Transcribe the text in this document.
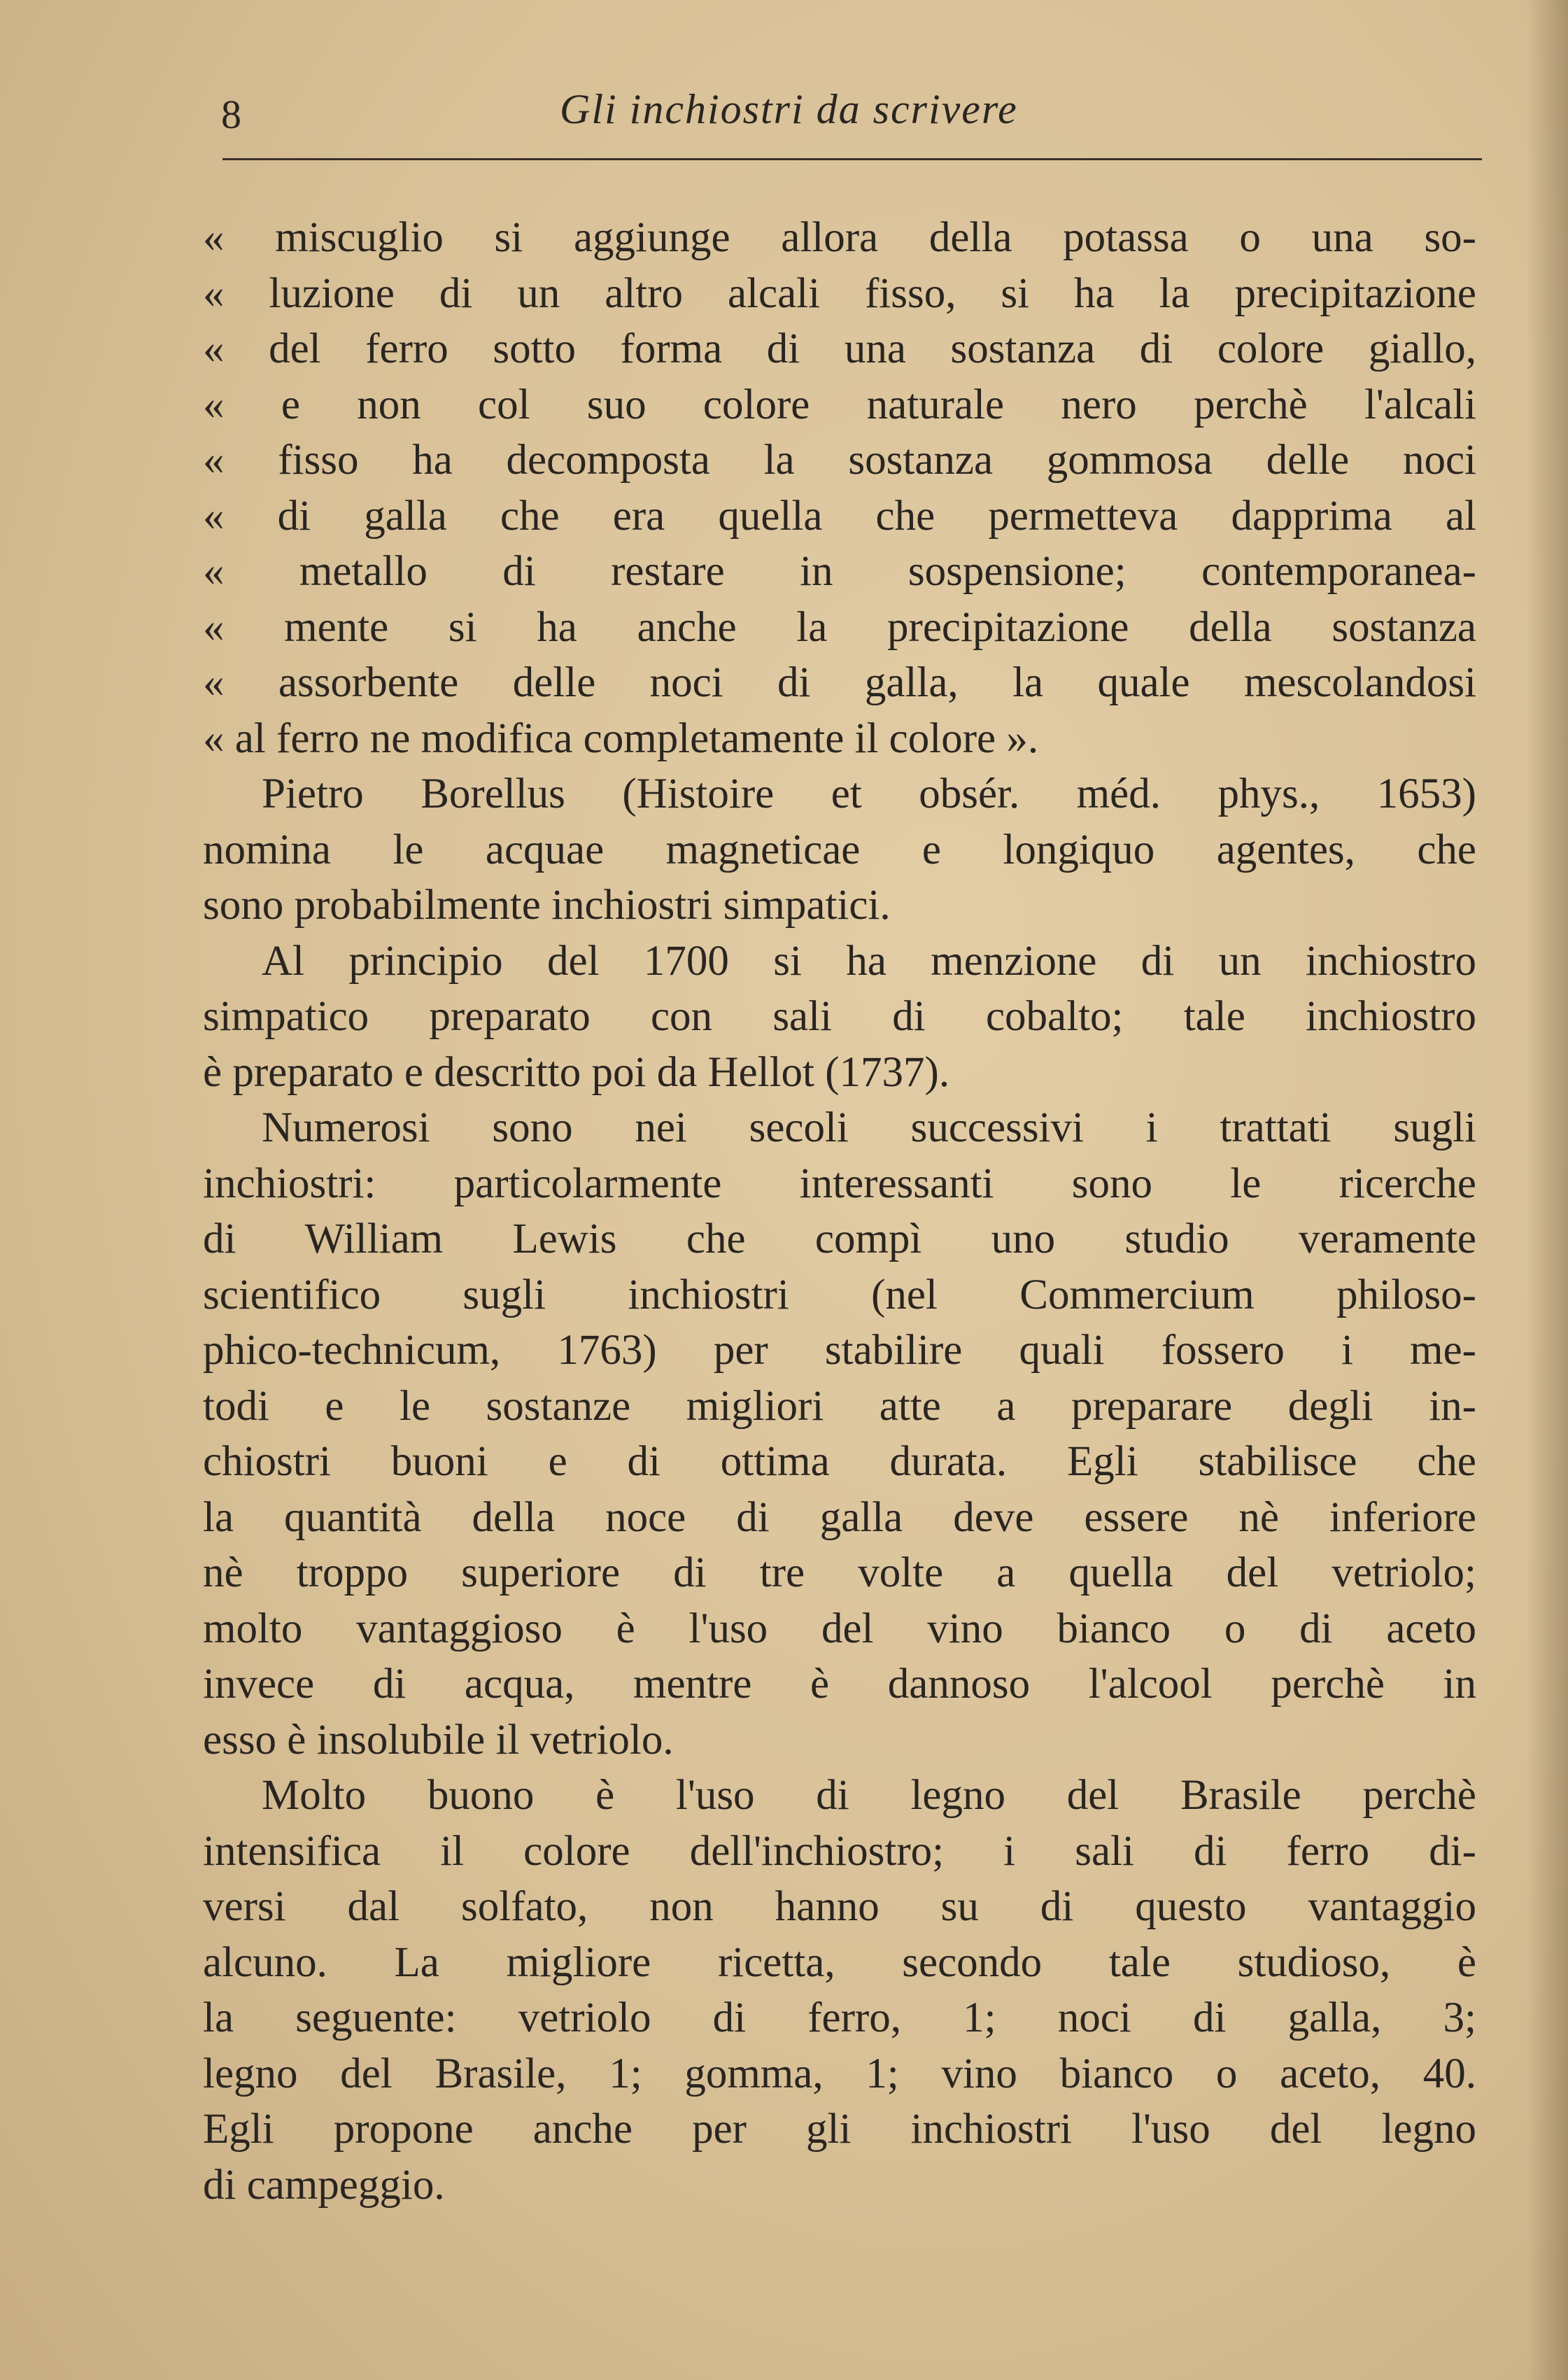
8	Gli inchiostri da scrivere
« miscuglio si aggiunge allora della potassa o una so-
« luzione di un altro alcali fisso, si ha la precipitazione
« del ferro sotto forma di una sostanza di colore giallo,
« e non col suo colore naturale nero perchè l'alcali
« fisso ha decomposta la sostanza gommosa delle noci
« di galla che era quella che permetteva dapprima al
« metallo di restare in sospensione; contemporanea-
« mente si ha anche la precipitazione della sostanza
« assorbente delle noci di galla, la quale mescolandosi
« al ferro ne modifica completamente il colore ».
Pietro Borellus (Histoire et obsér. méd. phys., 1653)
nomina le acquae magneticae e longiquo agentes, che
sono probabilmente inchiostri simpatici.
Al principio del 1700 si ha menzione di un inchiostro
simpatico preparato con sali di cobalto; tale inchiostro
è preparato e descritto poi da Hellot (1737).
Numerosi sono nei secoli successivi i trattati sugli
inchiostri: particolarmente interessanti sono le ricerche
di William Lewis che compì uno studio veramente
scientifico sugli inchiostri (nel Commercium philoso-
phico-technicum, 1763) per stabilire quali fossero i me-
todi e le sostanze migliori atte a preparare degli in-
chiostri buoni e di ottima durata. Egli stabilisce che
la quantità della noce di galla deve essere nè inferiore
nè troppo superiore di tre volte a quella del vetriolo;
molto vantaggioso è l'uso del vino bianco o di aceto
invece di acqua, mentre è dannoso l'alcool perchè in
esso è insolubile il vetriolo.
Molto buono è l'uso di legno del Brasile perchè
intensifica il colore dell'inchiostro; i sali di ferro di-
versi dal solfato, non hanno su di questo vantaggio
alcuno. La migliore ricetta, secondo tale studioso, è
la seguente: vetriolo di ferro, 1; noci di galla, 3;
legno del Brasile, 1; gomma, 1; vino bianco o aceto, 40.
Egli propone anche per gli inchiostri l'uso del legno
di campeggio.
